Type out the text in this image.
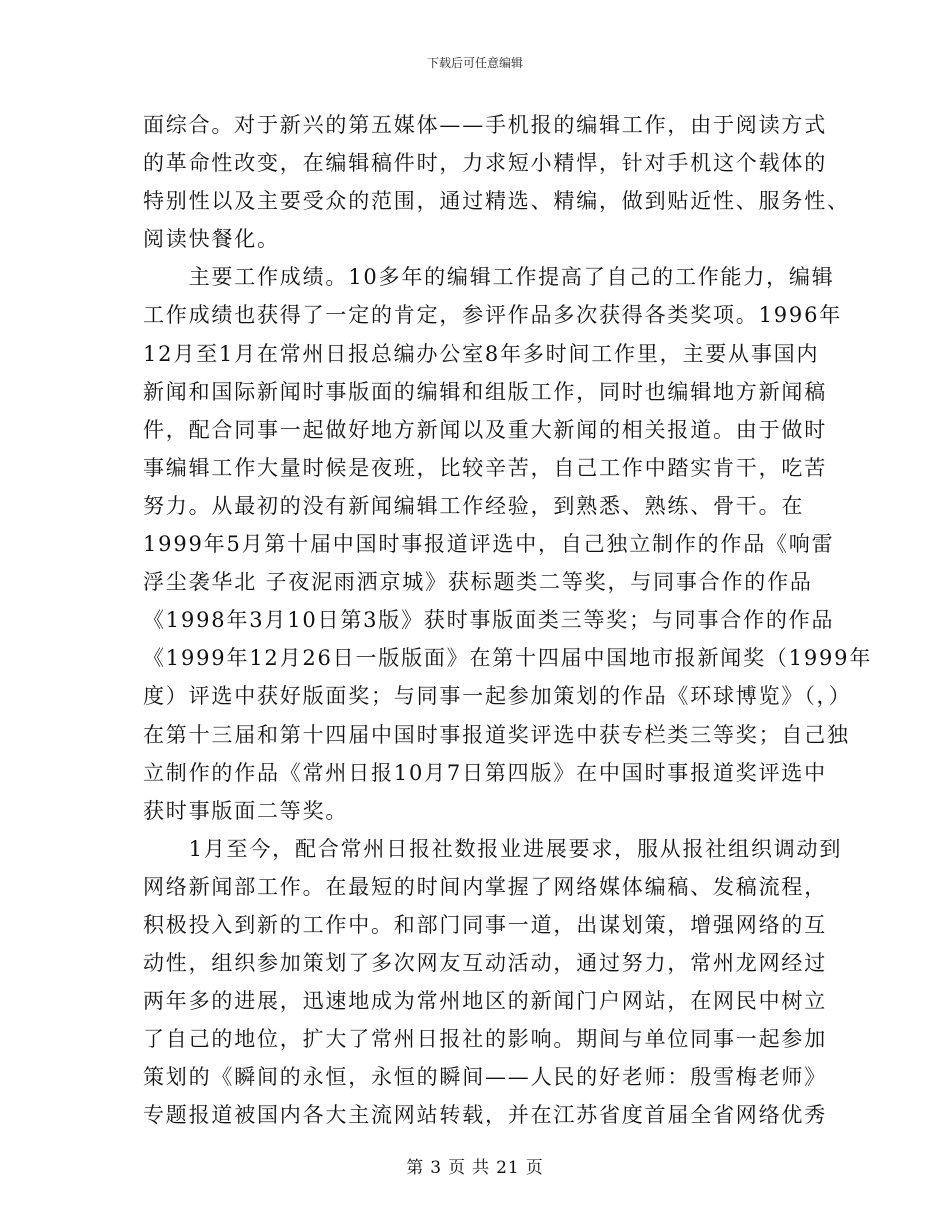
下载后可任意编辑
面综合。对于新兴的第五媒体——手机报的编辑工作，由于阅读方式
的革命性改变，在编辑稿件时，力求短小精悍，针对手机这个载体的
特别性以及主要受众的范围，通过精选、精编，做到贴近性、服务性、
阅读快餐化。
　　主要工作成绩。10多年的编辑工作提高了自己的工作能力，编辑
工作成绩也获得了一定的肯定，参评作品多次获得各类奖项。1996年
12月至1月在常州日报总编办公室8年多时间工作里，主要从事国内
新闻和国际新闻时事版面的编辑和组版工作，同时也编辑地方新闻稿
件，配合同事一起做好地方新闻以及重大新闻的相关报道。由于做时
事编辑工作大量时候是夜班，比较辛苦，自己工作中踏实肯干，吃苦
努力。从最初的没有新闻编辑工作经验，到熟悉、熟练、骨干。在
1999年5月第十届中国时事报道评选中，自己独立制作的作品《响雷
浮尘袭华北 子夜泥雨洒京城》获标题类二等奖，与同事合作的作品
《1998年3月10日第3版》获时事版面类三等奖；与同事合作的作品
《1999年12月26日一版版面》在第十四届中国地市报新闻奖（1999年
度）评选中获好版面奖；与同事一起参加策划的作品《环球博览》（，）
在第十三届和第十四届中国时事报道奖评选中获专栏类三等奖；自己独
立制作的作品《常州日报10月7日第四版》在中国时事报道奖评选中
获时事版面二等奖。
　　1月至今，配合常州日报社数报业进展要求，服从报社组织调动到
网络新闻部工作。在最短的时间内掌握了网络媒体编稿、发稿流程，
积极投入到新的工作中。和部门同事一道，出谋划策，增强网络的互
动性，组织参加策划了多次网友互动活动，通过努力，常州龙网经过
两年多的进展，迅速地成为常州地区的新闻门户网站，在网民中树立
了自己的地位，扩大了常州日报社的影响。期间与单位同事一起参加
策划的《瞬间的永恒，永恒的瞬间——人民的好老师：殷雪梅老师》
专题报道被国内各大主流网站转载，并在江苏省度首届全省网络优秀
第 3 页 共 21 页
